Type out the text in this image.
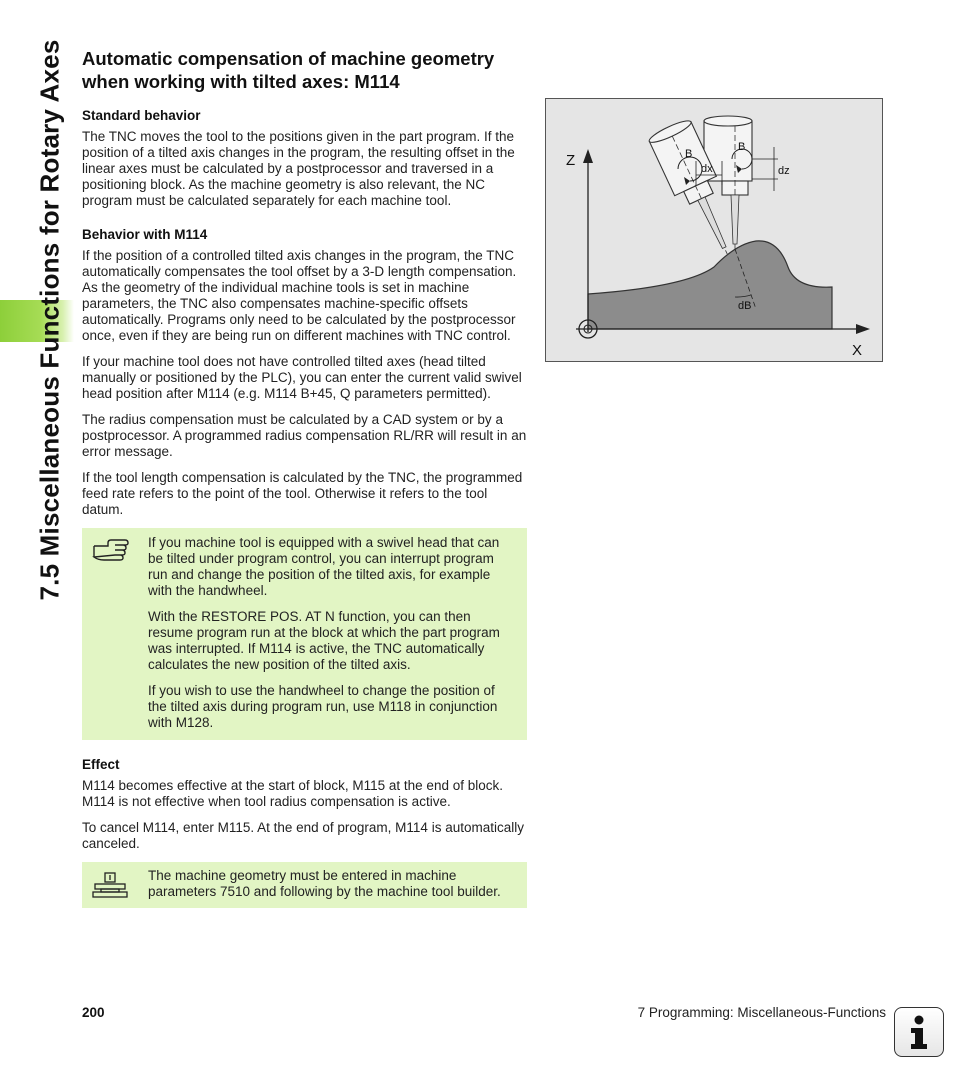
7.5 Miscellaneous Functions for Rotary Axes Automatic compensation of machine geometry when working with tilted axes: M114
Standard behavior

The TNC moves the tool to the positions given in the part program. If the position of a tilted axis changes in the program, the resulting offset in the linear axes must be calculated by a postprocessor and traversed in a positioning block. As the machine geometry is also relevant, the NC program must be calculated separately for each machine tool.

Behavior with M114

If the position of a controlled tilted axis changes in the program, the TNC automatically compensates the tool offset by a 3-D length compensation. As the geometry of the individual machine tools is set in machine parameters, the TNC also compensates machine-specific offsets automatically. Programs only need to be calculated by the postprocessor once, even if they are being run on different machines with TNC control.

If your machine tool does not have controlled tilted axes (head tilted manually or positioned by the PLC), you can enter the current valid swivel head position after M114 (e.g. M114 B+45, Q parameters permitted).

The radius compensation must be calculated by a CAD system or by a postprocessor. A programmed radius compensation RL/RR will result in an error message.

If the tool length compensation is calculated by the TNC, the programmed feed rate refers to the point of the tool. Otherwise it refers to the tool datum.

If you machine tool is equipped with a swivel head that can be tilted under program control, you can interrupt program run and change the position of the tilted axis, for example with the handwheel.

With the RESTORE POS. AT N function, you can then resume program run at the block at which the part program was interrupted. If M114 is active, the TNC automatically calculates the new position of the tilted axis.

If you wish to use the handwheel to change the position of the tilted axis during program run, use M118 in conjunction with M128.

Effect

M114 becomes effective at the start of block, M115 at the end of block. M114 is not effective when tool radius compensation is active.

To cancel M114, enter M115. At the end of program, M114 is automatically canceled.

The machine geometry must be entered in machine parameters 7510 and following by the machine tool builder.

Z
X
B
B
dx	dz
dB
200	7 Programming: Miscellaneous-Functions
